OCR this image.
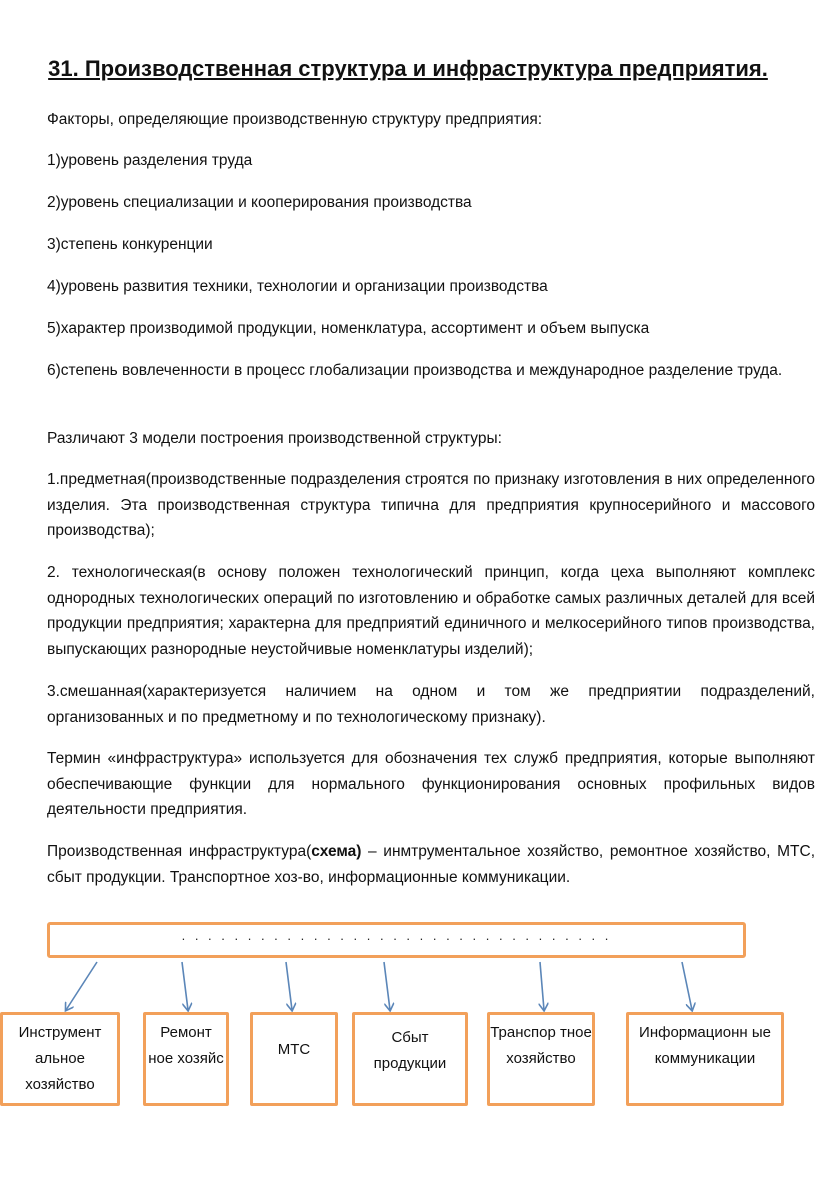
31. Производственная структура и инфраструктура предприятия.

Факторы, определяющие производственную структуру предприятия:

1)уровень разделения труда

2)уровень специализации и кооперирования производства

3)степень конкуренции

4)уровень развития техники, технологии и организации производства

5)характер производимой продукции, номенклатура, ассортимент и объем выпуска

6)степень вовлеченности в процесс глобализации производства и международное разделение труда.

Различают 3 модели построения производственной структуры:

1.предметная(производственные подразделения строятся по признаку изготовления в них определенного изделия. Эта производственная структура типична для предприятия крупносерийного и массового производства);

2. технологическая(в основу положен технологический принцип, когда цеха выполняют комплекс однородных технологических операций по изготовлению и обработке самых различных деталей для всей продукции предприятия; характерна для предприятий единичного и мелкосерийного типов производства, выпускающих разнородные неустойчивые номенклатуры изделий);

3.смешанная(характеризуется наличием на одном и том же предприятии подразделений, организованных и по предметному и по технологическому признаку).

Термин «инфраструктура» используется для обозначения тех служб предприятия, которые выполняют обеспечивающие функции для нормального функционирования основных профильных видов деятельности предприятия.

Производственная инфраструктура(схема) – инмтрументальное хозяйство, ремонтное хозяйство, МТС, сбыт продукции. Транспортное хоз-во, информационные коммуникации.

. . . . . . . . . . . . . . . . . . . . . . . . . . . . . . . . .
Инструмент альное хозяйство
Ремонт ное хозяйс
МТС
Сбыт продукции
Транспор тное хозяйство
Информационн ые коммуникации
